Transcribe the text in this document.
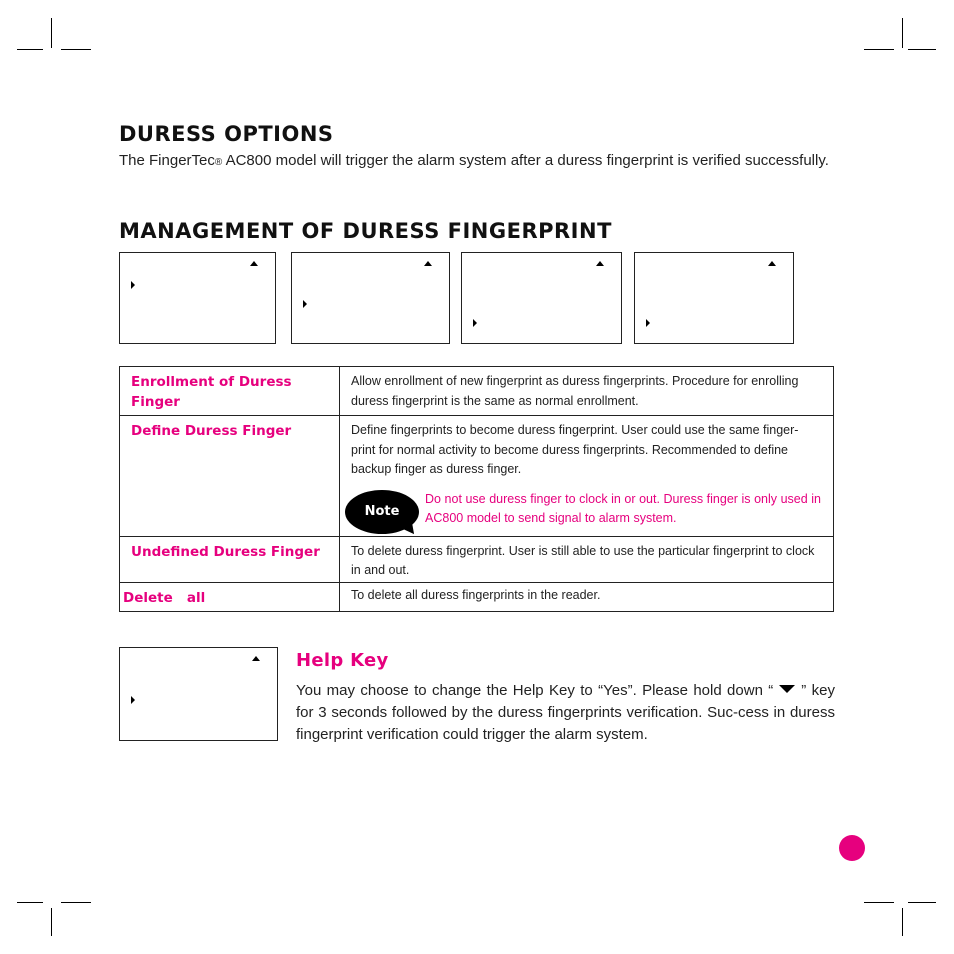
DURESS OPTIONS
The FingerTec® AC800 model will trigger the alarm system after a duress fingerprint is verified successfully.
MANAGEMENT OF DURESS FINGERPRINT
Enrollment of Duress Finger	Allow enrollment of new fingerprint as duress fingerprints. Procedure for enrolling duress fingerprint is the same as normal enrollment.
Define Duress Finger	Define fingerprints to become duress fingerprint. User could use the same finger-print for normal activity to become duress fingerprints. Recommended to define backup finger as duress finger.
Note
Do not use duress finger to clock in or out. Duress finger is only used in AC800 model to send signal to alarm system.

Undefined Duress Finger	To delete duress fingerprint. User is still able to use the particular fingerprint to clock in and out.
Delete   all	To delete all duress fingerprints in the reader.
Help Key
You may choose to change the Help Key to “Yes”. Please hold down “ ” key for 3 seconds followed by the duress fingerprints verification. Suc-cess in duress fingerprint verification could trigger the alarm system.
